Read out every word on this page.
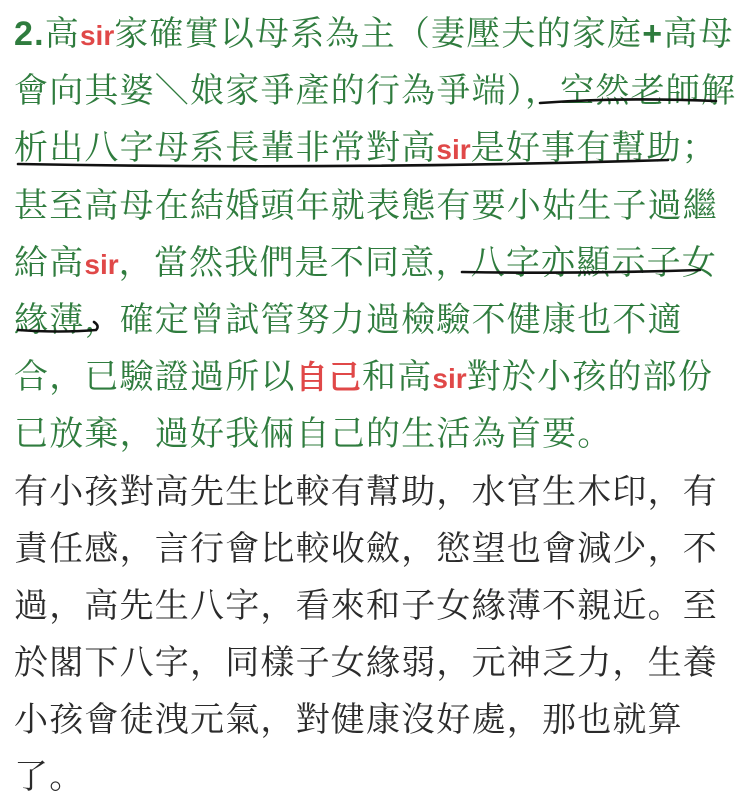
2.高sir家確實以母系為主（妻壓夫的家庭+高母
會向其婆＼娘家爭產的行為爭端），空然老師解
析出八字母系長輩非常對高sir是好事有幫助；
甚至高母在結婚頭年就表態有要小姑生子過繼
給高sir，當然我們是不同意，八字亦顯示子女
緣薄，確定曾試管努力過檢驗不健康也不適
合，已驗證過所以自己和高sir對於小孩的部份
已放棄，過好我倆自己的生活為首要。
有小孩對高先生比較有幫助，水官生木印，有
責任感，言行會比較收斂，慾望也會減少，不
過，高先生八字，看來和子女緣薄不親近。至
於閣下八字，同樣子女緣弱，元神乏力，生養
小孩會徒洩元氣，對健康沒好處，那也就算
了。
